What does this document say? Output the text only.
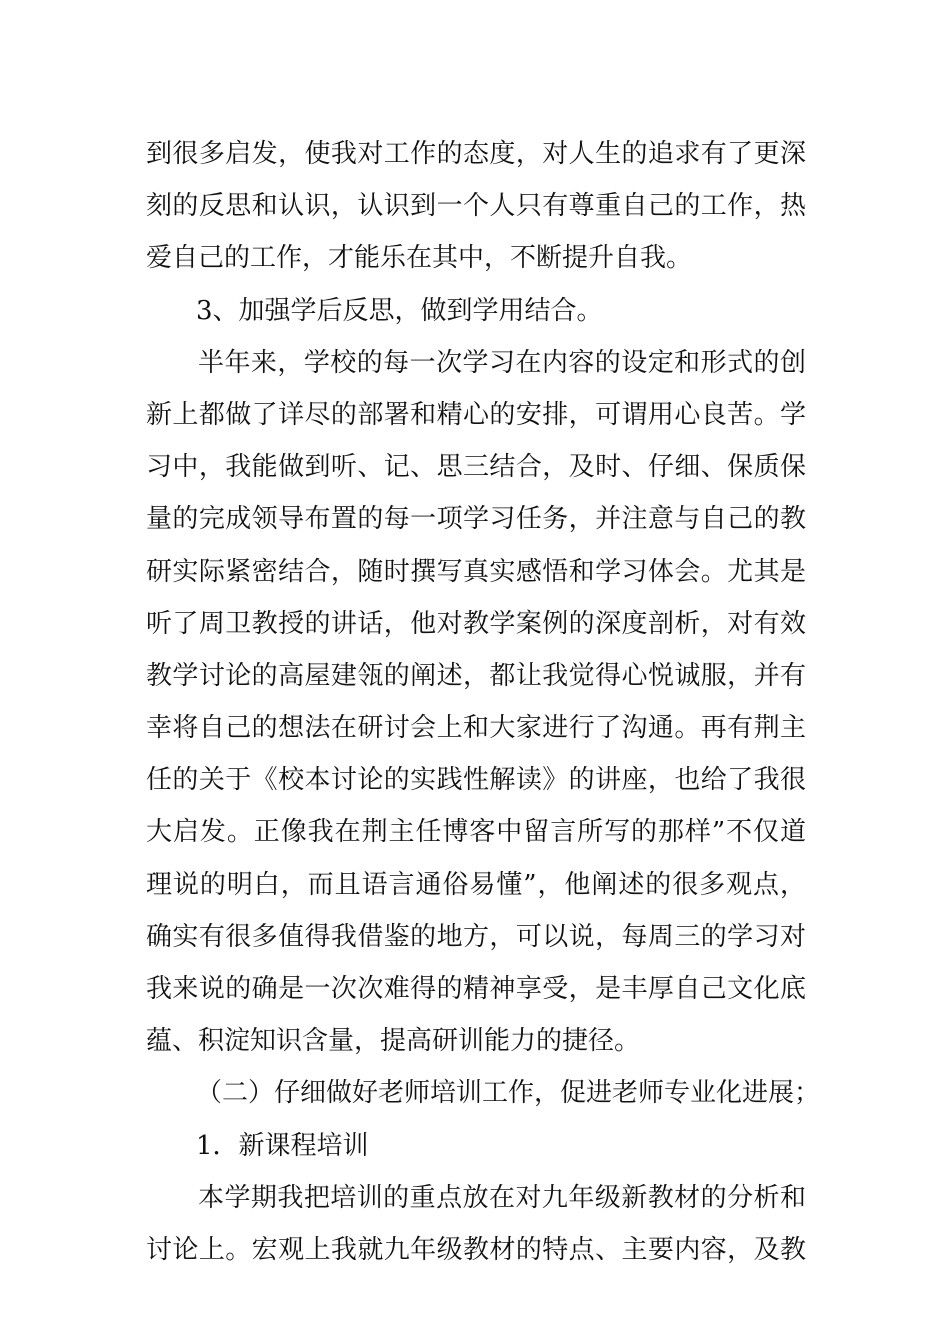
到很多启发，使我对工作的态度，对人生的追求有了更深
刻的反思和认识，认识到一个人只有尊重自己的工作，热
爱自己的工作，才能乐在其中，不断提升自我。
3、加强学后反思，做到学用结合。
半年来，学校的每一次学习在内容的设定和形式的创
新上都做了详尽的部署和精心的安排，可谓用心良苦。学
习中，我能做到听、记、思三结合，及时、仔细、保质保
量的完成领导布置的每一项学习任务，并注意与自己的教
研实际紧密结合，随时撰写真实感悟和学习体会。尤其是
听了周卫教授的讲话，他对教学案例的深度剖析，对有效
教学讨论的高屋建瓴的阐述，都让我觉得心悦诚服，并有
幸将自己的想法在研讨会上和大家进行了沟通。再有荆主
任的关于《校本讨论的实践性解读》的讲座，也给了我很
大启发。正像我在荆主任博客中留言所写的那样”不仅道
理说的明白，而且语言通俗易懂”，他阐述的很多观点，
确实有很多值得我借鉴的地方，可以说，每周三的学习对
我来说的确是一次次难得的精神享受，是丰厚自己文化底
蕴、积淀知识含量，提高研训能力的捷径。
（二）仔细做好老师培训工作，促进老师专业化进展；
1．新课程培训
本学期我把培训的重点放在对九年级新教材的分析和
讨论上。宏观上我就九年级教材的特点、主要内容，及教
